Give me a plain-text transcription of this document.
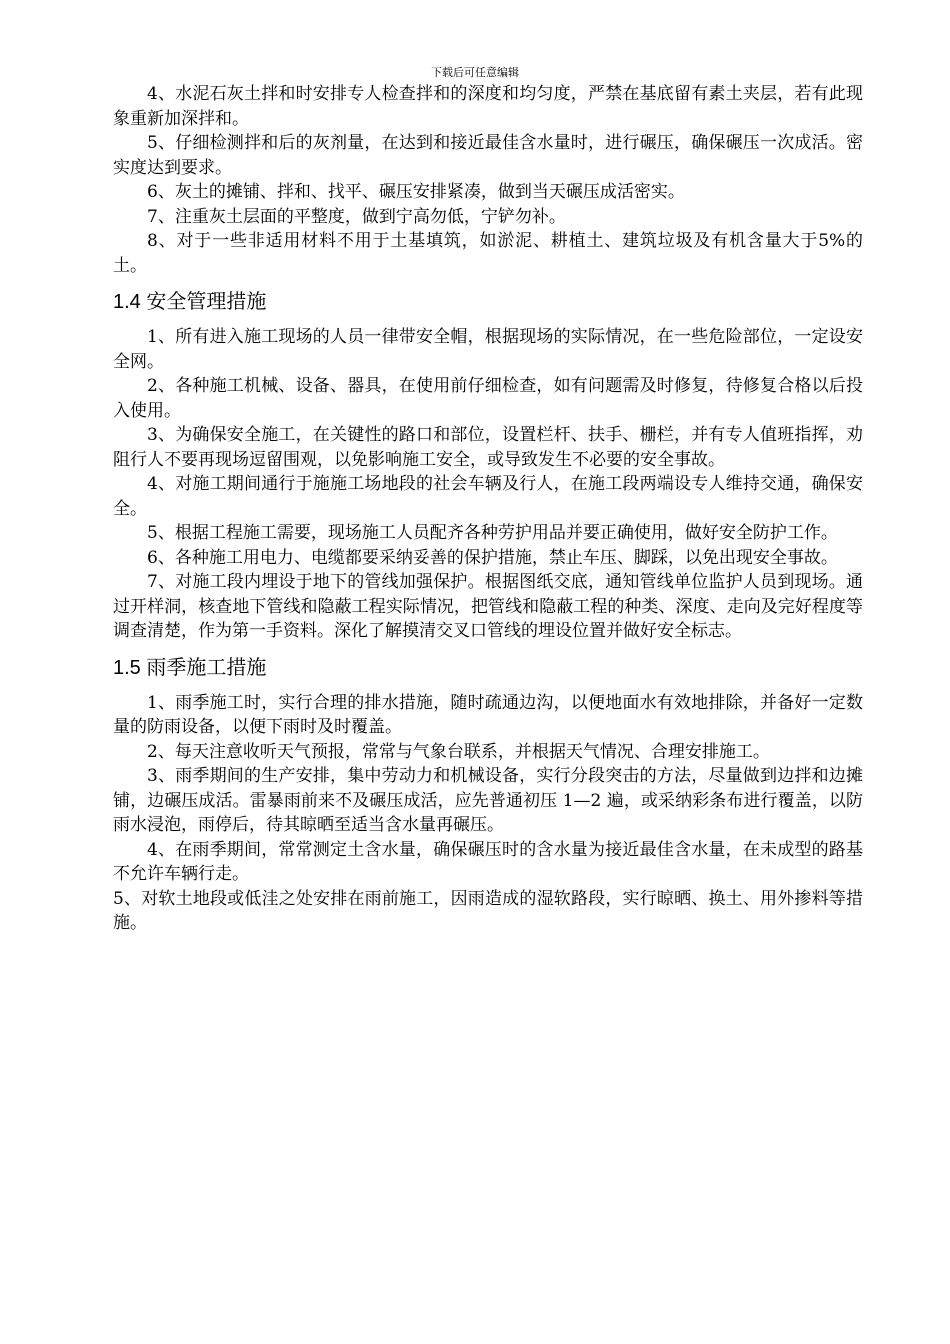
下载后可任意编辑

4、水泥石灰土拌和时安排专人检查拌和的深度和均匀度，严禁在基底留有素土夹层，若有此现象重新加深拌和。

5、仔细检测拌和后的灰剂量，在达到和接近最佳含水量时，进行碾压，确保碾压一次成活。密实度达到要求。

6、灰土的摊铺、拌和、找平、碾压安排紧凑，做到当天碾压成活密实。

7、注重灰土层面的平整度，做到宁高勿低，宁铲勿补。

8、对于一些非适用材料不用于土基填筑，如淤泥、耕植土、建筑垃圾及有机含量大于5%的土。

1.4 安全管理措施

1、所有进入施工现场的人员一律带安全帽，根据现场的实际情况，在一些危险部位，一定设安全网。

2、各种施工机械、设备、器具，在使用前仔细检查，如有问题需及时修复，待修复合格以后投入使用。

3、为确保安全施工，在关键性的路口和部位，设置栏杆、扶手、栅栏，并有专人值班指挥，劝阻行人不要再现场逗留围观，以免影响施工安全，或导致发生不必要的安全事故。

4、对施工期间通行于施施工场地段的社会车辆及行人，在施工段两端设专人维持交通，确保安全。

5、根据工程施工需要，现场施工人员配齐各种劳护用品并要正确使用，做好安全防护工作。

6、各种施工用电力、电缆都要采纳妥善的保护措施，禁止车压、脚踩，以免出现安全事故。

7、对施工段内埋设于地下的管线加强保护。根据图纸交底，通知管线单位监护人员到现场。通过开样洞，核查地下管线和隐蔽工程实际情况，把管线和隐蔽工程的种类、深度、走向及完好程度等调查清楚，作为第一手资料。深化了解摸清交叉口管线的埋设位置并做好安全标志。

1.5 雨季施工措施

1、雨季施工时，实行合理的排水措施，随时疏通边沟，以便地面水有效地排除，并备好一定数量的防雨设备，以便下雨时及时覆盖。

2、每天注意收听天气预报，常常与气象台联系，并根据天气情况、合理安排施工。

3、雨季期间的生产安排，集中劳动力和机械设备，实行分段突击的方法，尽量做到边拌和边摊铺，边碾压成活。雷暴雨前来不及碾压成活，应先普通初压 1—2 遍，或采纳彩条布进行覆盖，以防雨水浸泡，雨停后，待其晾晒至适当含水量再碾压。

4、在雨季期间，常常测定土含水量，确保碾压时的含水量为接近最佳含水量，在未成型的路基不允许车辆行走。

5、对软土地段或低洼之处安排在雨前施工，因雨造成的湿软路段，实行晾晒、换土、用外掺料等措施。
